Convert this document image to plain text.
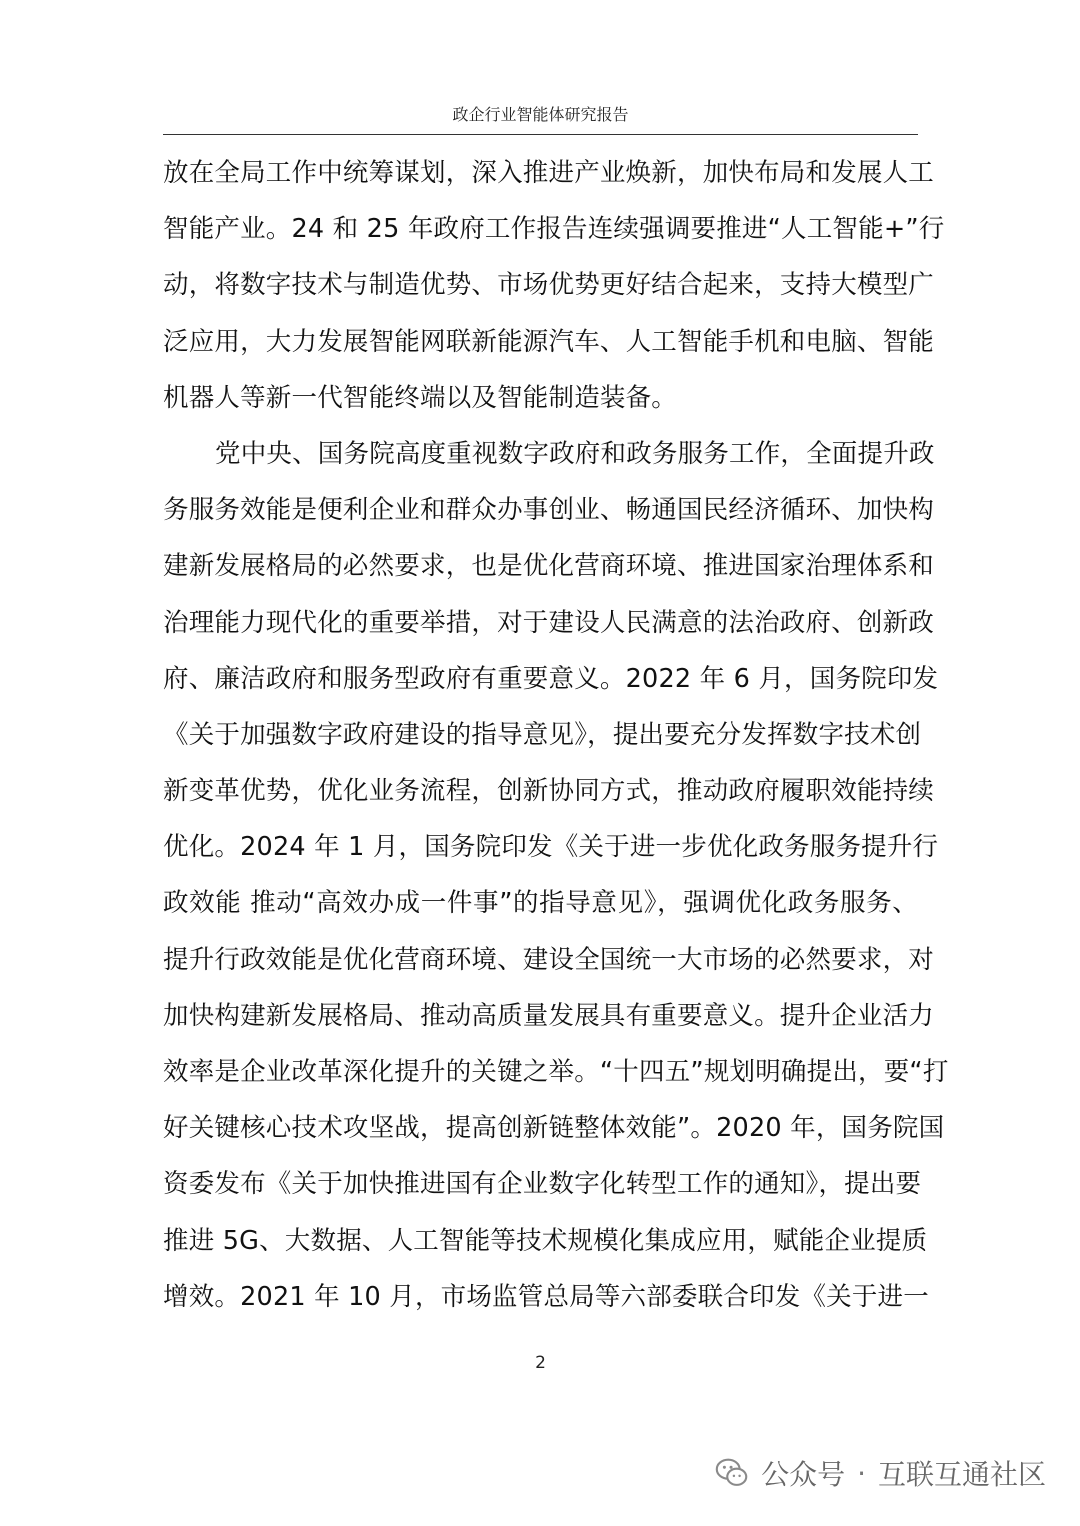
政企行业智能体研究报告
放在全局工作中统筹谋划，深入推进产业焕新，加快布局和发展人工
智能产业。24 和 25 年政府工作报告连续强调要推进“人工智能+”行
动，将数字技术与制造优势、市场优势更好结合起来，支持大模型广
泛应用，大力发展智能网联新能源汽车、人工智能手机和电脑、智能
机器人等新一代智能终端以及智能制造装备。
党中央、国务院高度重视数字政府和政务服务工作，全面提升政
务服务效能是便利企业和群众办事创业、畅通国民经济循环、加快构
建新发展格局的必然要求，也是优化营商环境、推进国家治理体系和
治理能力现代化的重要举措，对于建设人民满意的法治政府、创新政
府、廉洁政府和服务型政府有重要意义。2022 年 6 月，国务院印发
《关于加强数字政府建设的指导意见》，提出要充分发挥数字技术创
新变革优势，优化业务流程，创新协同方式，推动政府履职效能持续
优化。2024 年 1 月，国务院印发《关于进一步优化政务服务提升行
政效能 推动“高效办成一件事”的指导意见》，强调优化政务服务、
提升行政效能是优化营商环境、建设全国统一大市场的必然要求，对
加快构建新发展格局、推动高质量发展具有重要意义。提升企业活力
效率是企业改革深化提升的关键之举。“十四五”规划明确提出，要“打
好关键核心技术攻坚战，提高创新链整体效能”。2020 年，国务院国
资委发布《关于加快推进国有企业数字化转型工作的通知》，提出要
推进 5G、大数据、人工智能等技术规模化集成应用，赋能企业提质
增效。2021 年 10 月，市场监管总局等六部委联合印发《关于进一
2
公众号 · 互联互通社区
